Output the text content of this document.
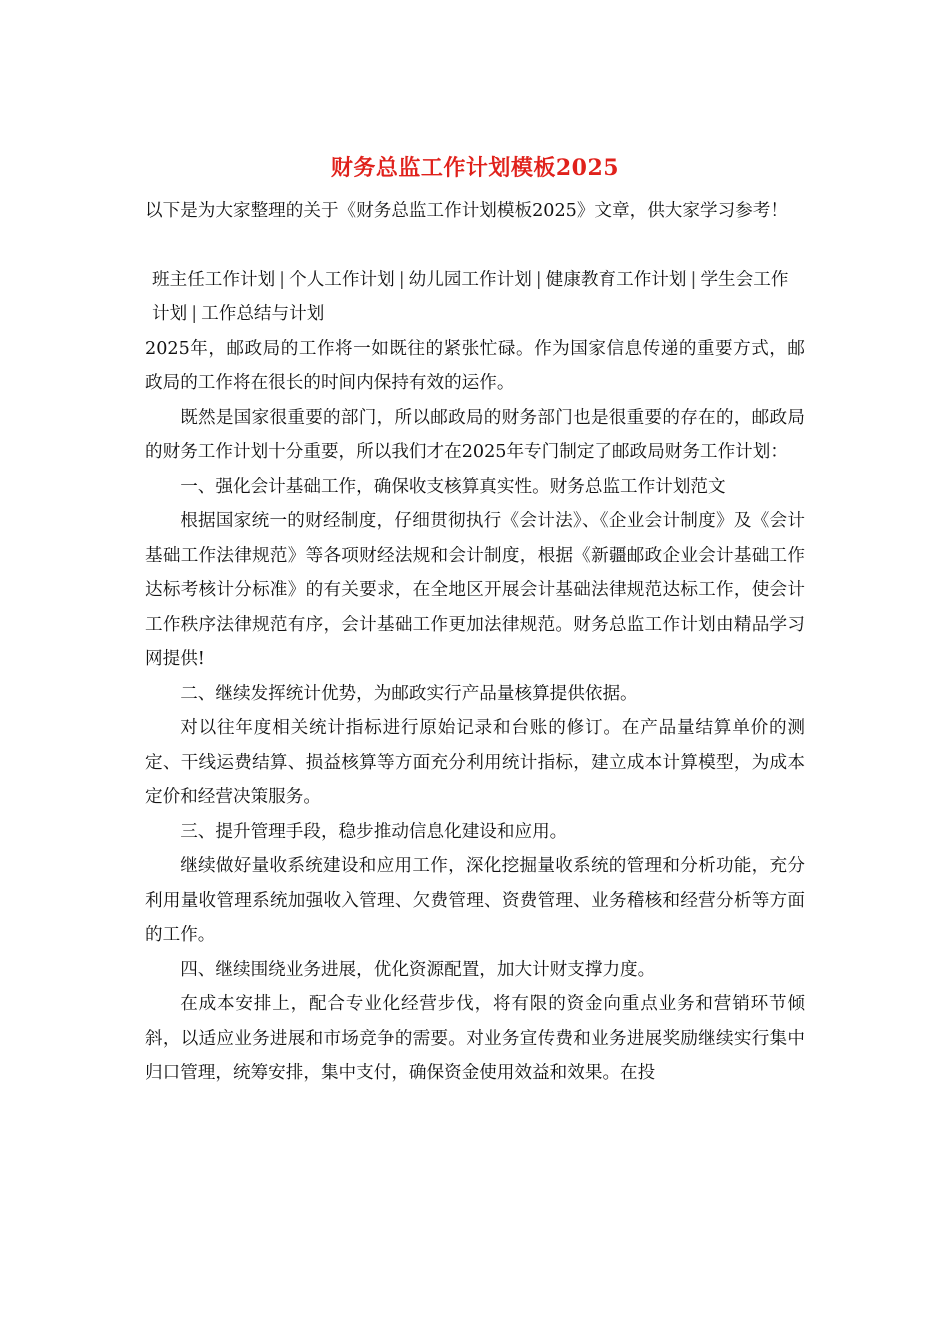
财务总监工作计划模板2025

以下是为大家整理的关于《财务总监工作计划模板2025》文章，供大家学习参考！

班主任工作计划 | 个人工作计划 | 幼儿园工作计划 | 健康教育工作计划 | 学生会工作计划 | 工作总结与计划

2025年，邮政局的工作将一如既往的紧张忙碌。作为国家信息传递的重要方式，邮政局的工作将在很长的时间内保持有效的运作。

既然是国家很重要的部门，所以邮政局的财务部门也是很重要的存在的，邮政局的财务工作计划十分重要，所以我们才在2025年专门制定了邮政局财务工作计划：

一、强化会计基础工作，确保收支核算真实性。财务总监工作计划范文

根据国家统一的财经制度，仔细贯彻执行《会计法》、《企业会计制度》及《会计基础工作法律规范》等各项财经法规和会计制度，根据《新疆邮政企业会计基础工作达标考核计分标准》的有关要求，在全地区开展会计基础法律规范达标工作，使会计工作秩序法律规范有序，会计基础工作更加法律规范。财务总监工作计划由精品学习网提供!

二、继续发挥统计优势，为邮政实行产品量核算提供依据。

对以往年度相关统计指标进行原始记录和台账的修订。在产品量结算单价的测定、干线运费结算、损益核算等方面充分利用统计指标，建立成本计算模型，为成本定价和经营决策服务。

三、提升管理手段，稳步推动信息化建设和应用。

继续做好量收系统建设和应用工作，深化挖掘量收系统的管理和分析功能，充分利用量收管理系统加强收入管理、欠费管理、资费管理、业务稽核和经营分析等方面的工作。

四、继续围绕业务进展，优化资源配置，加大计财支撑力度。

在成本安排上，配合专业化经营步伐，将有限的资金向重点业务和营销环节倾斜，以适应业务进展和市场竞争的需要。对业务宣传费和业务进展奖励继续实行集中归口管理，统筹安排，集中支付，确保资金使用效益和效果。在投
